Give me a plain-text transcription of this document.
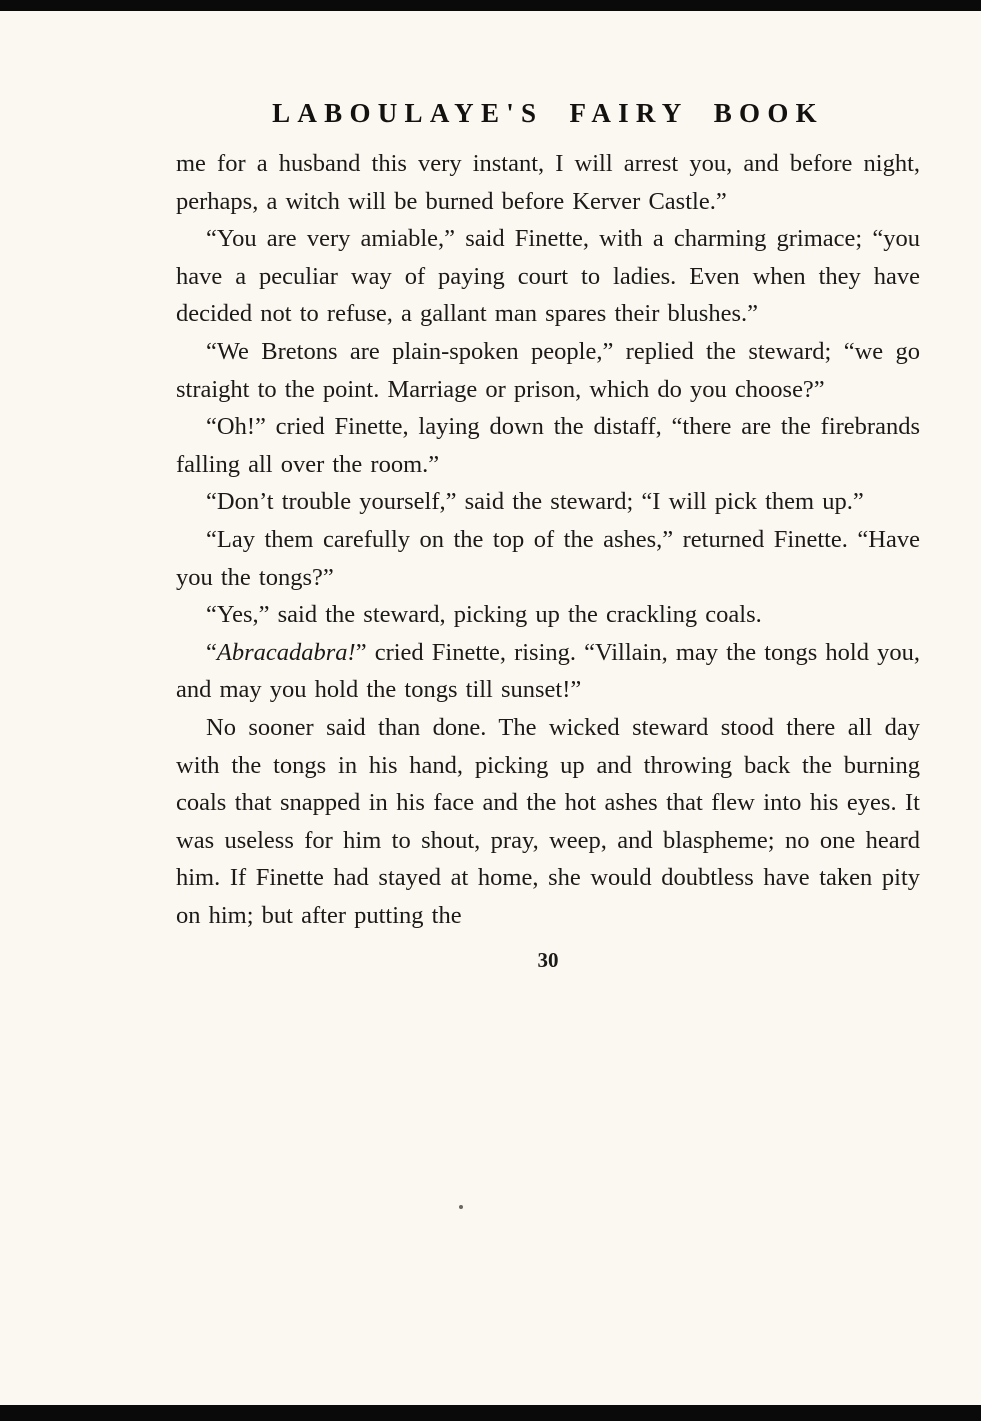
LABOULAYE'S FAIRY BOOK

me for a husband this very instant, I will arrest you, and before night, perhaps, a witch will be burned before Kerver Castle.”

“You are very amiable,” said Finette, with a charming grimace; “you have a peculiar way of paying court to ladies. Even when they have decided not to refuse, a gallant man spares their blushes.”

“We Bretons are plain-spoken people,” replied the steward; “we go straight to the point. Marriage or prison, which do you choose?”

“Oh!” cried Finette, laying down the distaff, “there are the firebrands falling all over the room.”

“Don’t trouble yourself,” said the steward; “I will pick them up.”

“Lay them carefully on the top of the ashes,” returned Finette. “Have you the tongs?”

“Yes,” said the steward, picking up the crackling coals.

“Abracadabra!” cried Finette, rising. “Villain, may the tongs hold you, and may you hold the tongs till sunset!”

No sooner said than done. The wicked steward stood there all day with the tongs in his hand, picking up and throwing back the burning coals that snapped in his face and the hot ashes that flew into his eyes. It was useless for him to shout, pray, weep, and blaspheme; no one heard him. If Finette had stayed at home, she would doubtless have taken pity on him; but after putting the

30
